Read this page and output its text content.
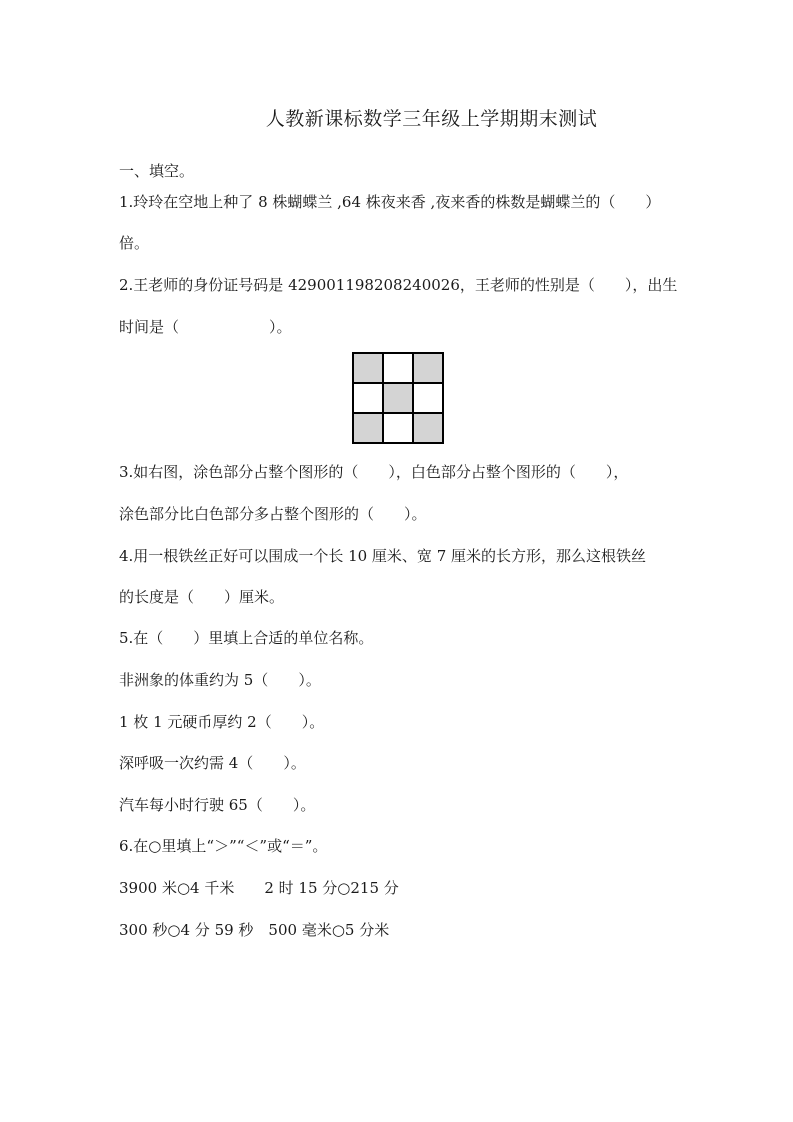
人教新课标数学三年级上学期期末测试
一、填空。
1.玲玲在空地上种了 8 株蝴蝶兰 ,64 株夜来香 ,夜来香的株数是蝴蝶兰的（　　）
倍。
2.王老师的身份证号码是 429001198208240026，王老师的性别是（　　），出生
时间是（　　　　　　）。
3.如右图，涂色部分占整个图形的（　　），白色部分占整个图形的（　　），
涂色部分比白色部分多占整个图形的（　　）。
4.用一根铁丝正好可以围成一个长 10 厘米、宽 7 厘米的长方形，那么这根铁丝
的长度是（　　）厘米。
5.在（　　）里填上合适的单位名称。
非洲象的体重约为 5（　　）。
1 枚 1 元硬币厚约 2（　　）。
深呼吸一次约需 4（　　）。
汽车每小时行驶 65（　　）。
6.在○里填上“＞”“＜”或“＝”。
3900 米○4 千米　　2 时 15 分○215 分
300 秒○4 分 59 秒　500 毫米○5 分米
